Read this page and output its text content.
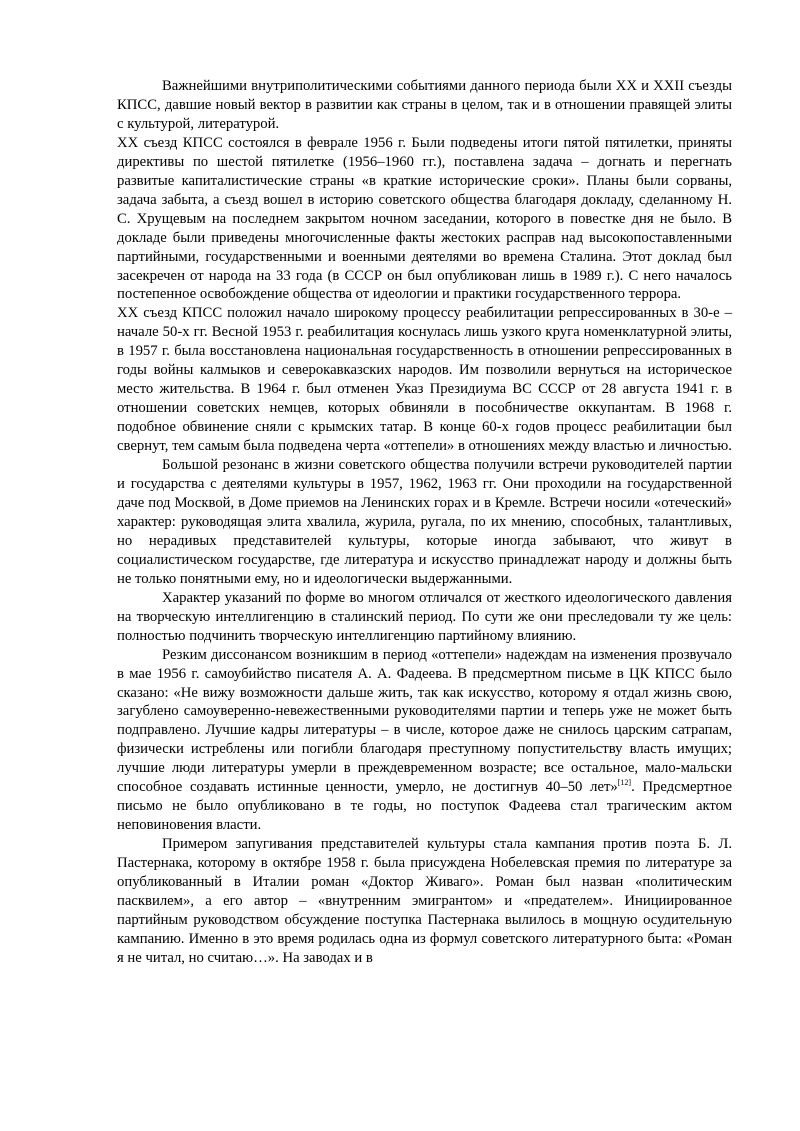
Важнейшими внутриполитическими событиями данного периода были XX и XXII съезды КПСС, давшие новый вектор в развитии как страны в целом, так и в отношении правящей элиты с культурой, литературой.

XX съезд КПСС состоялся в феврале 1956 г. Были подведены итоги пятой пятилетки, приняты директивы по шестой пятилетке (1956–1960 гг.), поставлена задача – догнать и перегнать развитые капиталистические страны «в краткие исторические сроки». Планы были сорваны, задача забыта, а съезд вошел в историю советского общества благодаря докладу, сделанному Н. С. Хрущевым на последнем закрытом ночном заседании, которого в повестке дня не было. В докладе были приведены многочисленные факты жестоких расправ над высокопоставленными партийными, государственными и военными деятелями во времена Сталина. Этот доклад был засекречен от народа на 33 года (в СССР он был опубликован лишь в 1989 г.). С него началось постепенное освобождение общества от идеологии и практики государственного террора.

XX съезд КПСС положил начало широкому процессу реабилитации репрессированных в 30-е – начале 50-х гг. Весной 1953 г. реабилитация коснулась лишь узкого круга номенклатурной элиты, в 1957 г. была восстановлена национальная государственность в отношении репрессированных в годы войны калмыков и северокавказских народов. Им позволили вернуться на историческое место жительства. В 1964 г. был отменен Указ Президиума ВС СССР от 28 августа 1941 г. в отношении советских немцев, которых обвиняли в пособничестве оккупантам. В 1968 г. подобное обвинение сняли с крымских татар. В конце 60-х годов процесс реабилитации был свернут, тем самым была подведена черта «оттепели» в отношениях между властью и личностью.

Большой резонанс в жизни советского общества получили встречи руководителей партии и государства с деятелями культуры в 1957, 1962, 1963 гг. Они проходили на государственной даче под Москвой, в Доме приемов на Ленинских горах и в Кремле. Встречи носили «отеческий» характер: руководящая элита хвалила, журила, ругала, по их мнению, способных, талантливых, но нерадивых представителей культуры, которые иногда забывают, что живут в социалистическом государстве, где литература и искусство принадлежат народу и должны быть не только понятными ему, но и идеологически выдержанными.

Характер указаний по форме во многом отличался от жесткого идеологического давления на творческую интеллигенцию в сталинский период. По сути же они преследовали ту же цель: полностью подчинить творческую интеллигенцию партийному влиянию.

Резким диссонансом возникшим в период «оттепели» надеждам на изменения прозвучало в мае 1956 г. самоубийство писателя А. А. Фадеева. В предсмертном письме в ЦК КПСС было сказано: «Не вижу возможности дальше жить, так как искусство, которому я отдал жизнь свою, загублено самоуверенно-невежественными руководителями партии и теперь уже не может быть подправлено. Лучшие кадры литературы – в числе, которое даже не снилось царским сатрапам, физически истреблены или погибли благодаря преступному попустительству власть имущих; лучшие люди литературы умерли в преждевременном возрасте; все остальное, мало-мальски способное создавать истинные ценности, умерло, не достигнув 40–50 лет»[12]. Предсмертное письмо не было опубликовано в те годы, но поступок Фадеева стал трагическим актом неповиновения власти.

Примером запугивания представителей культуры стала кампания против поэта Б. Л. Пастернака, которому в октябре 1958 г. была присуждена Нобелевская премия по литературе за опубликованный в Италии роман «Доктор Живаго». Роман был назван «политическим пасквилем», а его автор – «внутренним эмигрантом» и «предателем». Инициированное партийным руководством обсуждение поступка Пастернака вылилось в мощную осудительную кампанию. Именно в это время родилась одна из формул советского литературного быта: «Роман я не читал, но считаю…». На заводах и в
